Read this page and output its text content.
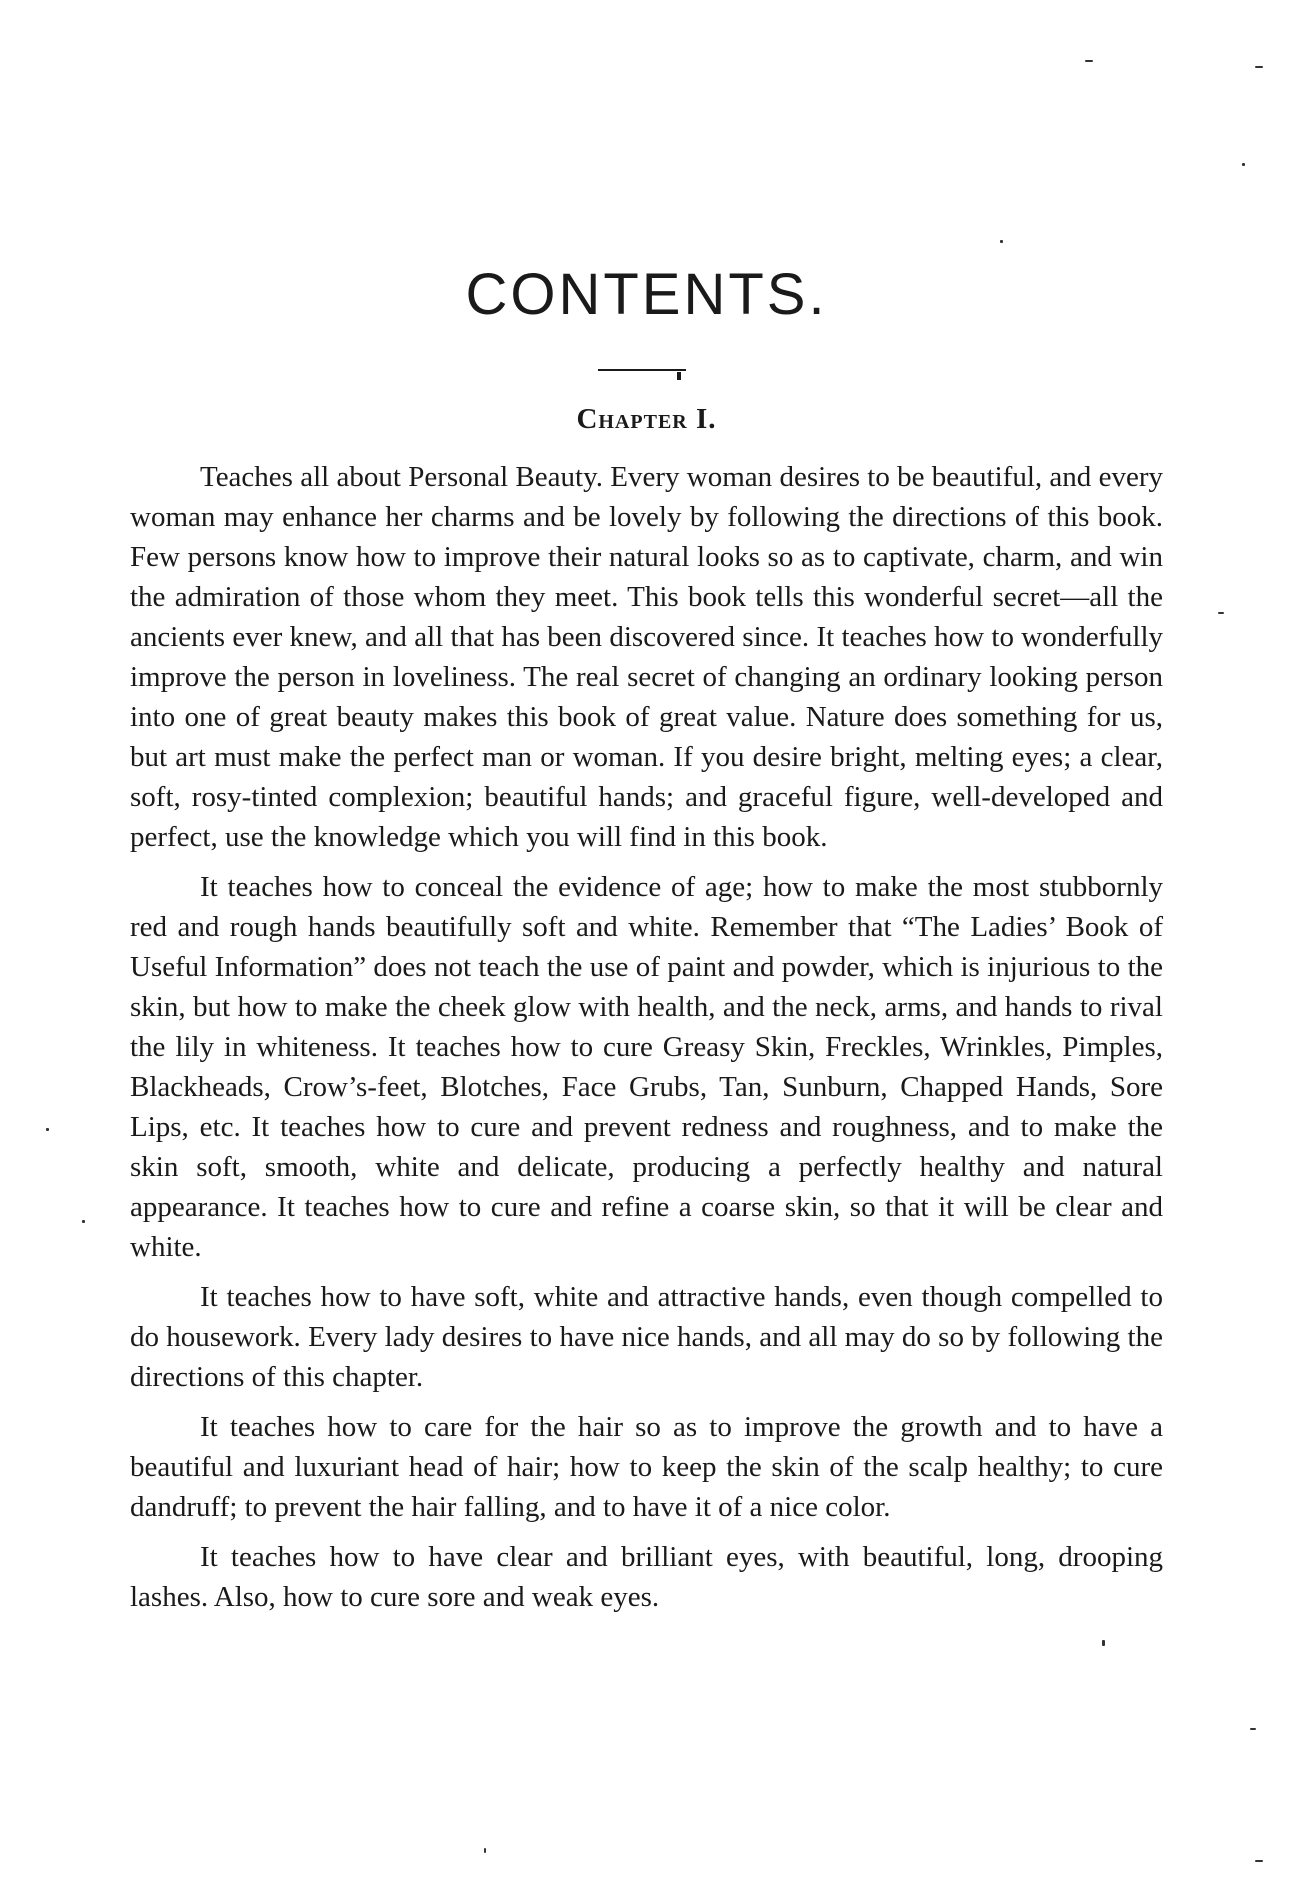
CONTENTS.
Chapter I.

Teaches all about Personal Beauty. Every woman desires to be beautiful, and every woman may enhance her charms and be lovely by following the directions of this book. Few persons know how to improve their natural looks so as to captivate, charm, and win the admiration of those whom they meet. This book tells this wonderful secret—all the ancients ever knew, and all that has been discovered since. It teaches how to wonderfully improve the person in loveliness. The real secret of changing an ordinary looking person into one of great beauty makes this book of great value. Nature does something for us, but art must make the perfect man or woman. If you desire bright, melting eyes; a clear, soft, rosy-tinted complexion; beautiful hands; and graceful figure, well-developed and perfect, use the knowledge which you will find in this book.

It teaches how to conceal the evidence of age; how to make the most stubbornly red and rough hands beautifully soft and white. Remember that “The Ladies’ Book of Useful Information” does not teach the use of paint and powder, which is injurious to the skin, but how to make the cheek glow with health, and the neck, arms, and hands to rival the lily in whiteness. It teaches how to cure Greasy Skin, Freckles, Wrinkles, Pimples, Blackheads, Crow’s-feet, Blotches, Face Grubs, Tan, Sunburn, Chapped Hands, Sore Lips, etc. It teaches how to cure and prevent redness and roughness, and to make the skin soft, smooth, white and delicate, producing a perfectly healthy and natural appearance. It teaches how to cure and refine a coarse skin, so that it will be clear and white.

It teaches how to have soft, white and attractive hands, even though compelled to do housework. Every lady desires to have nice hands, and all may do so by following the directions of this chapter.

It teaches how to care for the hair so as to improve the growth and to have a beautiful and luxuriant head of hair; how to keep the skin of the scalp healthy; to cure dandruff; to prevent the hair falling, and to have it of a nice color.

It teaches how to have clear and brilliant eyes, with beautiful, long, drooping lashes. Also, how to cure sore and weak eyes.
